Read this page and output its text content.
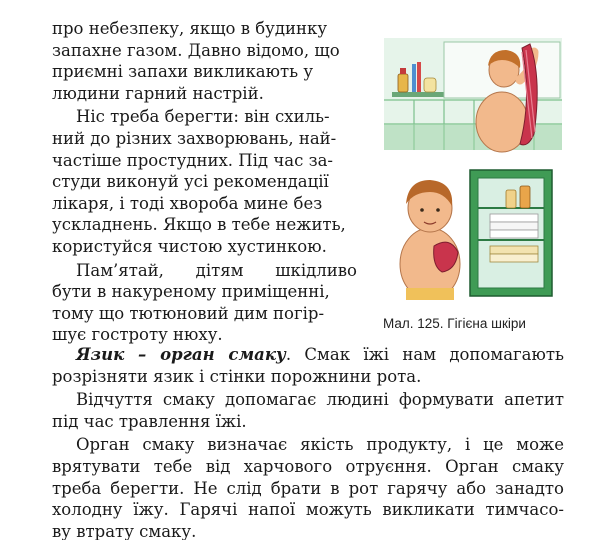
про небезпеку, якщо в будинку
запахне газом. Давно відомо, що
приємні запахи викликають у
людини гарний настрій.

Ніс треба берегти: він схиль-
ний до різних захворювань, най-
частіше простудних. Під час за-
студи виконуй усі рекомендації
лікаря, і тоді хвороба мине без
ускладнень. Якщо в тебе нежить,
користуйся чистою хустинкою.

Пам’ятай, дітям шкідливо
бути в накуреному приміщенні,
тому що тютюновий дим погір-
шує гостроту нюху.

Мал. 125. Гігієна шкіри

Язик – орган смаку. Смак їжі нам допомагають
розрізняти язик і стінки порожнини рота.

Відчуття смаку допомагає людині формувати апетит
під час травлення їжі.

Орган смаку визначає якість продукту, і це може
врятувати тебе від харчового отруєння. Орган смаку
треба берегти. Не слід брати в рот гарячу або занадто
холодну їжу. Гарячі напої можуть викликати тимчасо-
ву втрату смаку.
